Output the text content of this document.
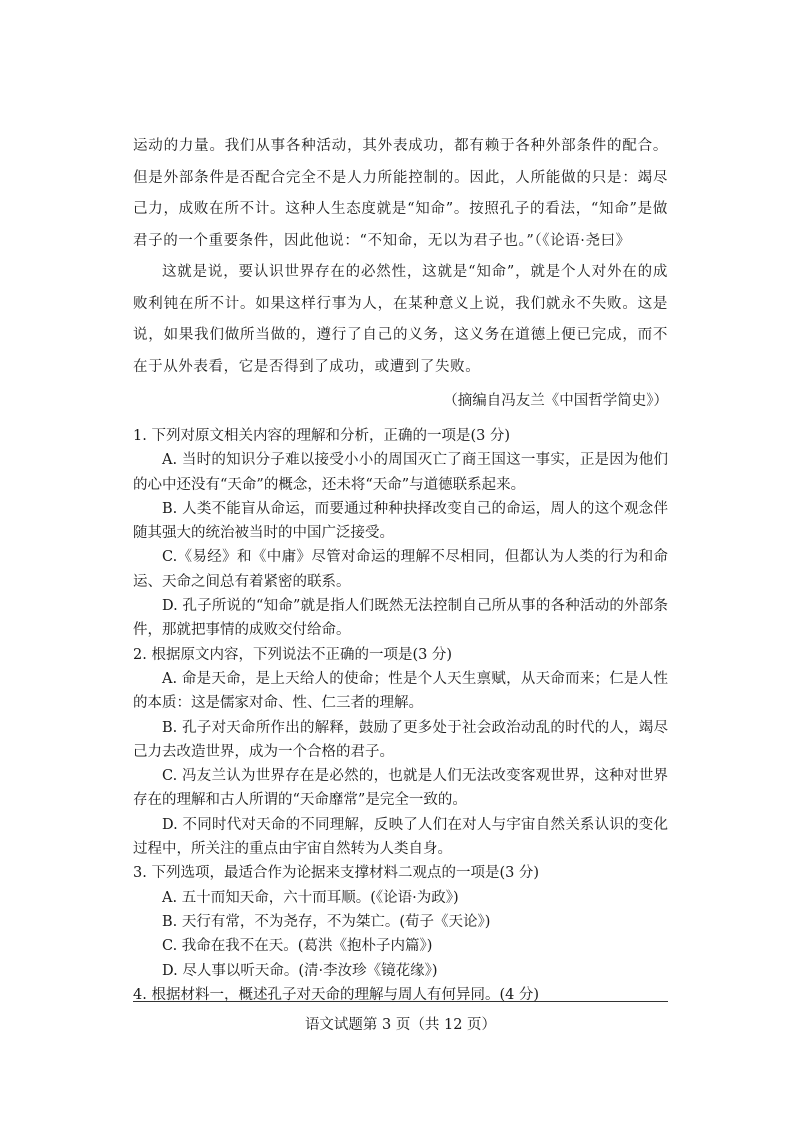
运动的力量。我们从事各种活动，其外表成功，都有赖于各种外部条件的配合。但是外部条件是否配合完全不是人力所能控制的。因此，人所能做的只是：竭尽己力，成败在所不计。这种人生态度就是“知命”。按照孔子的看法，“知命”是做君子的一个重要条件，因此他说：“不知命，无以为君子也。”（《论语·尧曰》

这就是说，要认识世界存在的必然性，这就是“知命”，就是个人对外在的成败利钝在所不计。如果这样行事为人，在某种意义上说，我们就永不失败。这是说，如果我们做所当做的，遵行了自己的义务，这义务在道德上便已完成，而不在于从外表看，它是否得到了成功，或遭到了失败。

（摘编自冯友兰《中国哲学简史》）

1. 下列对原文相关内容的理解和分析，正确的一项是(3 分)

A. 当时的知识分子难以接受小小的周国灭亡了商王国这一事实，正是因为他们的心中还没有“天命”的概念，还未将“天命”与道德联系起来。

B. 人类不能盲从命运，而要通过种种抉择改变自己的命运，周人的这个观念伴随其强大的统治被当时的中国广泛接受。

C.《易经》和《中庸》尽管对命运的理解不尽相同，但都认为人类的行为和命运、天命之间总有着紧密的联系。

D. 孔子所说的“知命”就是指人们既然无法控制自己所从事的各种活动的外部条件，那就把事情的成败交付给命。

2. 根据原文内容，下列说法不正确的一项是(3 分)

A. 命是天命，是上天给人的使命；性是个人天生禀赋，从天命而来；仁是人性的本质：这是儒家对命、性、仁三者的理解。

B. 孔子对天命所作出的解释，鼓励了更多处于社会政治动乱的时代的人，竭尽己力去改造世界，成为一个合格的君子。

C. 冯友兰认为世界存在是必然的，也就是人们无法改变客观世界，这种对世界存在的理解和古人所谓的“天命靡常”是完全一致的。

D. 不同时代对天命的不同理解，反映了人们在对人与宇宙自然关系认识的变化过程中，所关注的重点由宇宙自然转为人类自身。

3. 下列选项，最适合作为论据来支撑材料二观点的一项是(3 分)

A. 五十而知天命，六十而耳顺。(《论语·为政》)

B. 天行有常，不为尧存，不为桀亡。(荀子《天论》)

C. 我命在我不在天。(葛洪《抱朴子内篇》)

D. 尽人事以听天命。(清·李汝珍《镜花缘》)

4. 根据材料一，概述孔子对天命的理解与周人有何异同。(4 分)

语文试题第 3 页（共 12 页）
